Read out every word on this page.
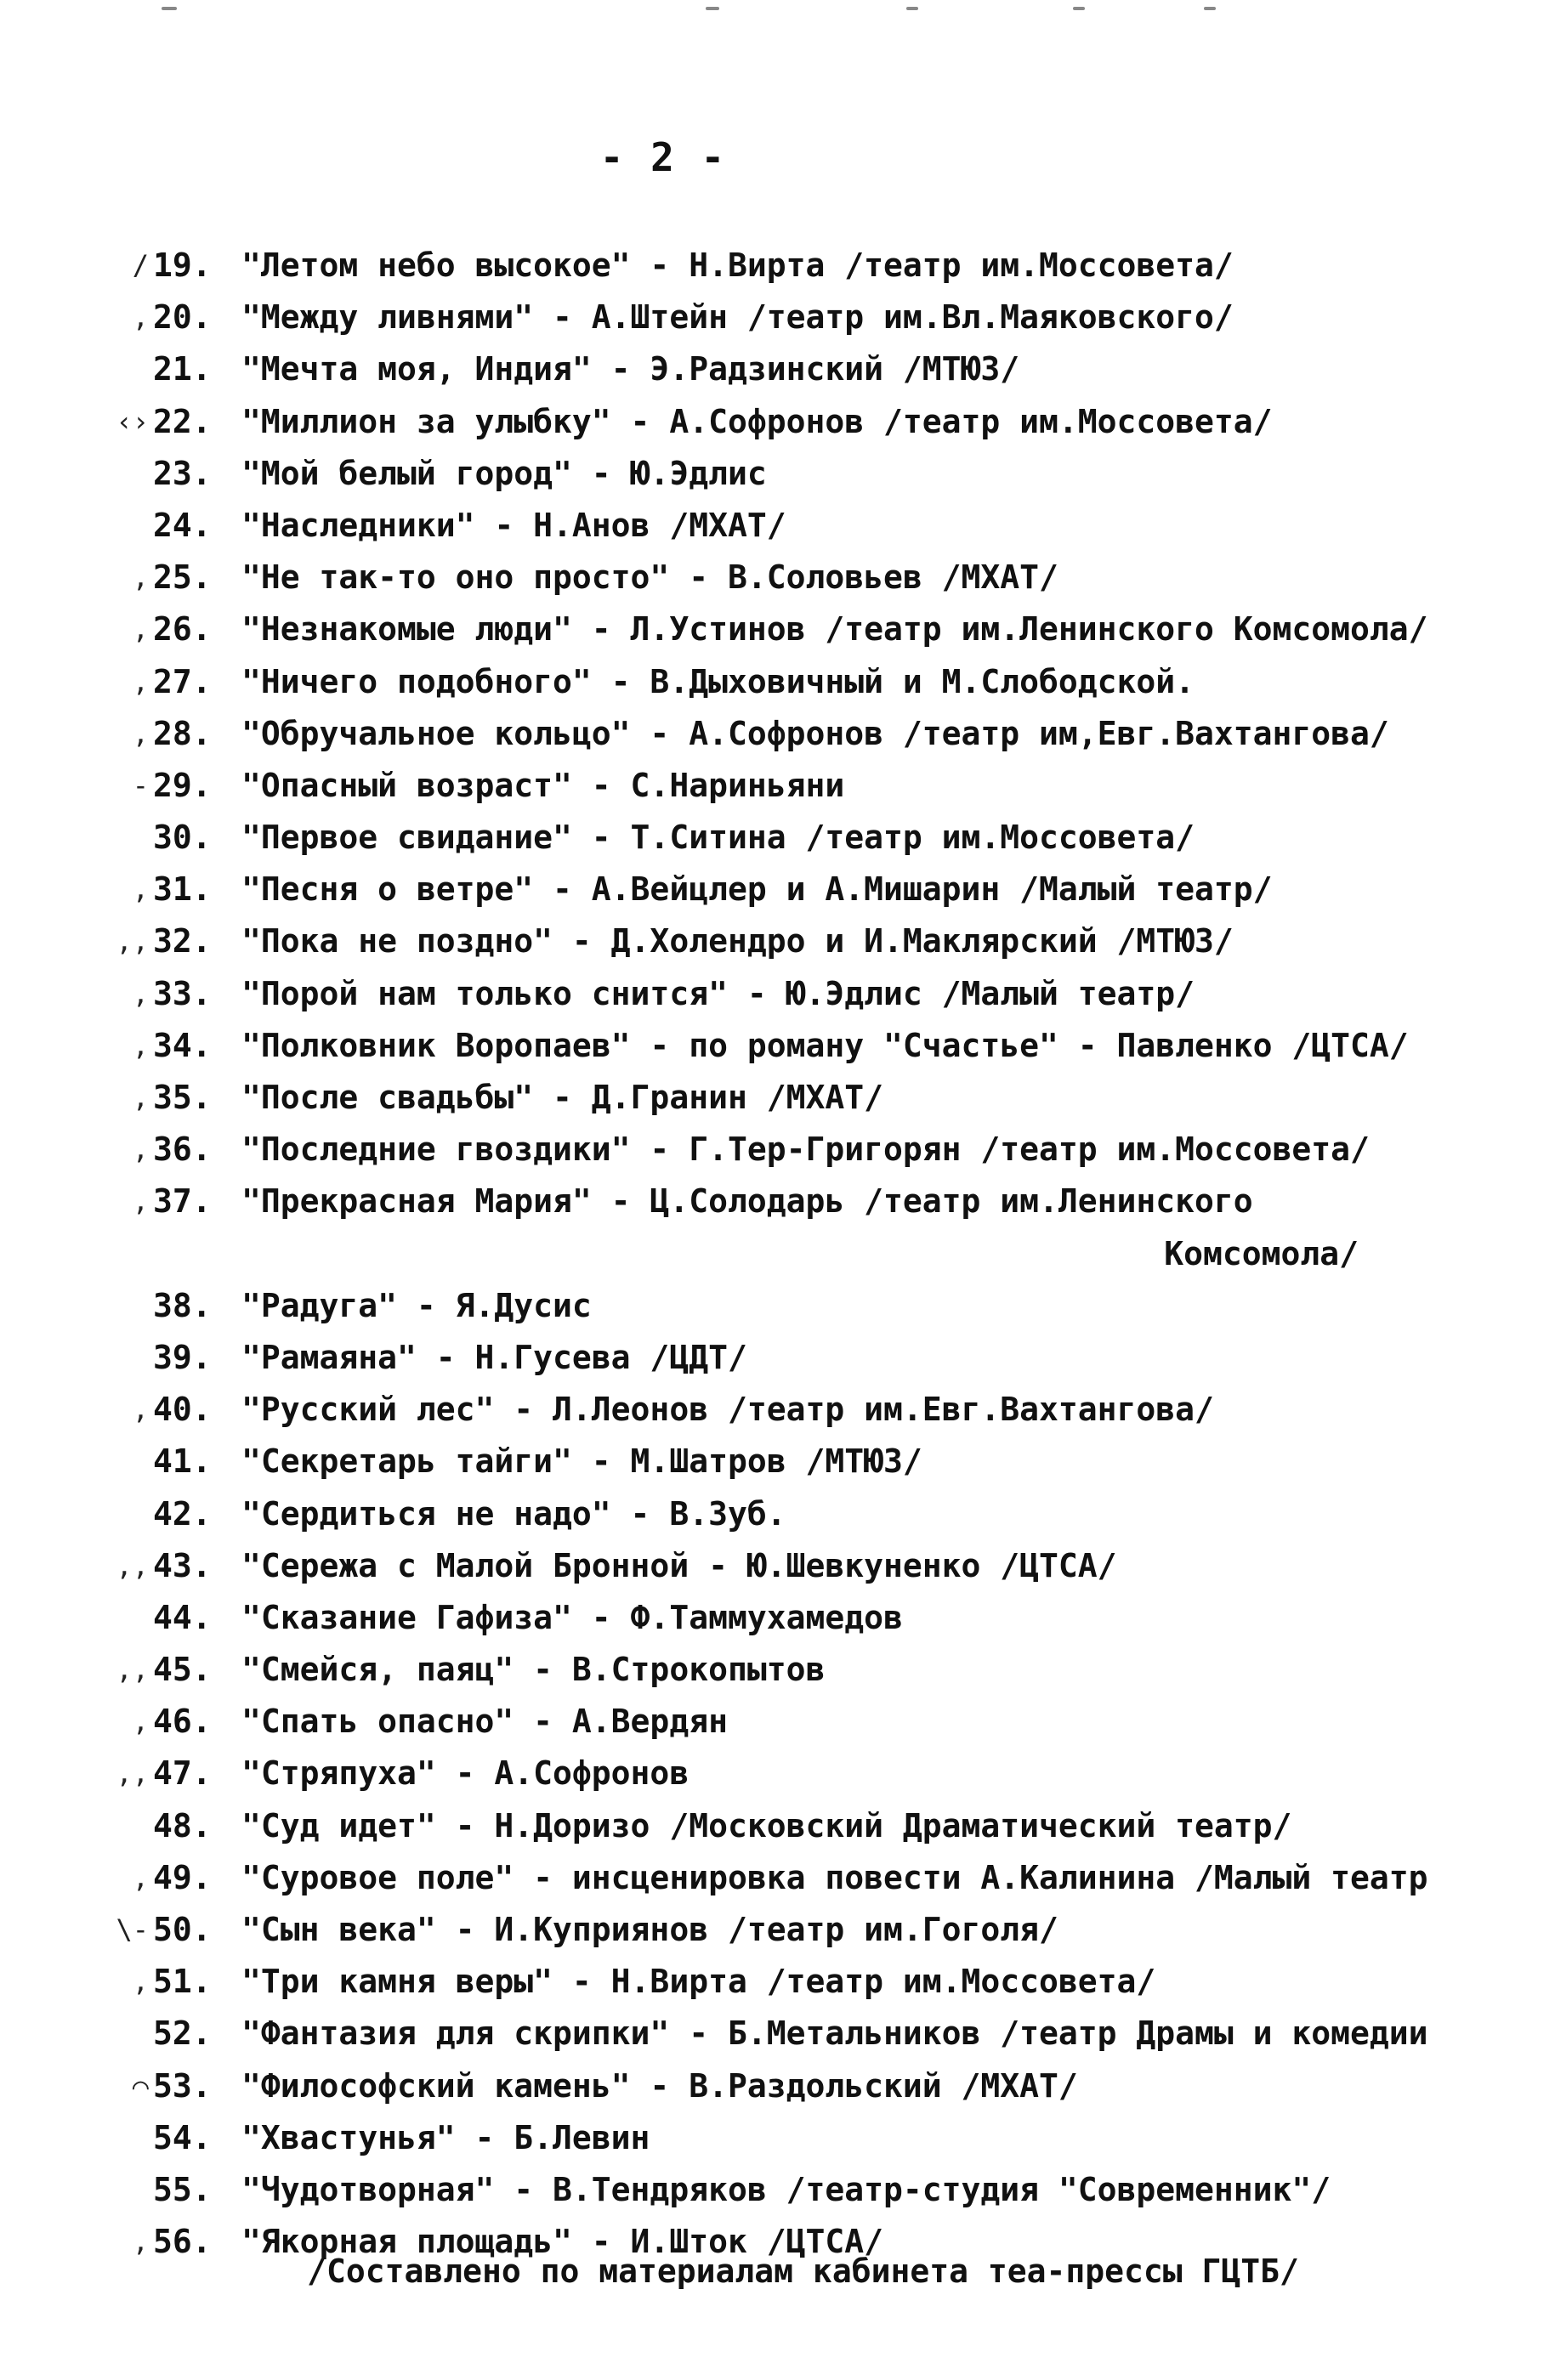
- 2 -
/ 19. "Летом небо высокое" - Н.Вирта /театр им.Моссовета/
‚ 20. "Между ливнями" - А.Штейн /театр им.Вл.Маяковского/
21. "Мечта моя, Индия" - Э.Радзинский /МТЮЗ/
‹› 22. "Миллион за улыбку" - А.Софронов /театр им.Моссовета/
23. "Мой белый город" - Ю.Эдлис
24. "Наследники" - Н.Анов /МХАТ/
‚ 25. "Не так-то оно просто" - В.Соловьев /МХАТ/
‚ 26. "Незнакомые люди" - Л.Устинов /театр им.Ленинского Комсомола/
‚ 27. "Ничего подобного" - В.Дыховичный и М.Слободской.
‚ 28. "Обручальное кольцо" - А.Софронов /театр им,Евг.Вахтангова/
- 29. "Опасный возраст" - С.Нариньяни
30. "Первое свидание" - Т.Ситина /театр им.Моссовета/
‚ 31. "Песня о ветре" - А.Вейцлер и А.Мишарин /Малый театр/
‚‚ 32. "Пока не поздно" - Д.Холендро и И.Маклярский /МТЮЗ/
‚ 33. "Порой нам только снится" - Ю.Эдлис /Малый театр/
‚ 34. "Полковник Воропаев" - по роману "Счастье" - Павленко /ЦТСА/
‚ 35. "После свадьбы" - Д.Гранин /МХАТ/
‚ 36. "Последние гвоздики" - Г.Тер-Григорян /театр им.Моссовета/
‚ 37. "Прекрасная Мария" - Ц.Солодарь /театр им.Ленинского
Комсомола/
38. "Радуга" - Я.Дусис
39. "Рамаяна" - Н.Гусева /ЦДТ/
‚ 40. "Русский лес" - Л.Леонов /театр им.Евг.Вахтангова/
41. "Секретарь тайги" - М.Шатров /МТЮЗ/
42. "Сердиться не надо" - В.Зуб.
‚‚ 43. "Сережа с Малой Бронной - Ю.Шевкуненко /ЦТСА/
44. "Сказание Гафиза" - Ф.Таммухамедов
‚‚ 45. "Смейся, паяц" - В.Строкопытов
‚ 46. "Спать опасно" - А.Вердян
‚‚ 47. "Стряпуха" - А.Софронов
48. "Суд идет" - Н.Доризо /Московский Драматический театр/
‚ 49. "Суровое поле" - инсценировка повести А.Калинина /Малый театр
\- 50. "Сын века" - И.Куприянов /театр им.Гоголя/
‚ 51. "Три камня веры" - Н.Вирта /театр им.Моссовета/
52. "Фантазия для скрипки" - Б.Метальников /театр Драмы и комедии
⌒ 53. "Философский камень" - В.Раздольский /МХАТ/
54. "Хвастунья" - Б.Левин
55. "Чудотворная" - В.Тендряков /театр-студия "Современник"/
‚ 56. "Якорная площадь" - И.Шток /ЦТСА/
/Составлено по материалам кабинета теа-прессы ГЦТБ/
